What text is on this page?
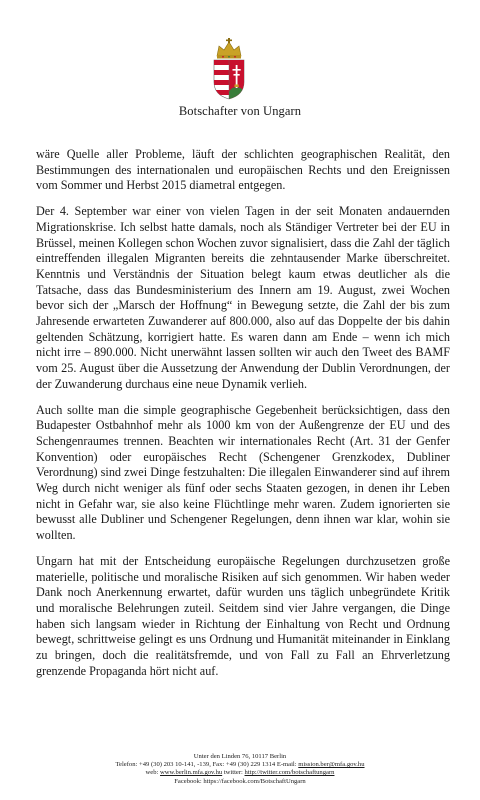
Botschafter von Ungarn

wäre Quelle aller Probleme, läuft der schlichten geographischen Realität, den Bestimmungen des internationalen und europäischen Rechts und den Ereignissen vom Sommer und Herbst 2015 diametral entgegen.

Der 4. September war einer von vielen Tagen in der seit Monaten andauernden Migrationskrise. Ich selbst hatte damals, noch als Ständiger Vertreter bei der EU in Brüssel, meinen Kollegen schon Wochen zuvor signalisiert, dass die Zahl der täglich eintreffenden illegalen Migranten bereits die zehntausender Marke überschreitet. Kenntnis und Verständnis der Situation belegt kaum etwas deutlicher als die Tatsache, dass das Bundesministerium des Innern am 19. August, zwei Wochen bevor sich der „Marsch der Hoffnung“ in Bewegung setzte, die Zahl der bis zum Jahresende erwarteten Zuwanderer auf 800.000, also auf das Doppelte der bis dahin geltenden Schätzung, korrigiert hatte. Es waren dann am Ende – wenn ich mich nicht irre – 890.000. Nicht unerwähnt lassen sollten wir auch den Tweet des BAMF vom 25. August über die Aussetzung der Anwendung der Dublin Verordnungen, der der Zuwanderung durchaus eine neue Dynamik verlieh.

Auch sollte man die simple geographische Gegebenheit berücksichtigen, dass den Budapester Ostbahnhof mehr als 1000 km von der Außengrenze der EU und des Schengenraumes trennen. Beachten wir internationales Recht (Art. 31 der Genfer Konvention) oder europäisches Recht (Schengener Grenzkodex, Dubliner Verordnung) sind zwei Dinge festzuhalten: Die illegalen Einwanderer sind auf ihrem Weg durch nicht weniger als fünf oder sechs Staaten gezogen, in denen ihr Leben nicht in Gefahr war, sie also keine Flüchtlinge mehr waren. Zudem ignorierten sie bewusst alle Dubliner und Schengener Regelungen, denn ihnen war klar, wohin sie wollten.

Ungarn hat mit der Entscheidung europäische Regelungen durchzusetzen große materielle, politische und moralische Risiken auf sich genommen. Wir haben weder Dank noch Anerkennung erwartet, dafür wurden uns täglich unbegründete Kritik und moralische Belehrungen zuteil. Seitdem sind vier Jahre vergangen, die Dinge haben sich langsam wieder in Richtung der Einhaltung von Recht und Ordnung bewegt, schrittweise gelingt es uns Ordnung und Humanität miteinander in Einklang zu bringen, doch die realitätsfremde, und von Fall zu Fall an Ehrverletzung grenzende Propaganda hört nicht auf.

Unter den Linden 76, 10117 Berlin
Telefon: +49 (30) 203 10-141, -139, Fax: +49 (30) 229 1314 E-mail: mission.ber@mfa.gov.hu
web: www.berlin.mfa.gov.hu twitter: http://twitter.com/botschaftungarn
Facebook: https://facebook.com/BotschaftUngarn
